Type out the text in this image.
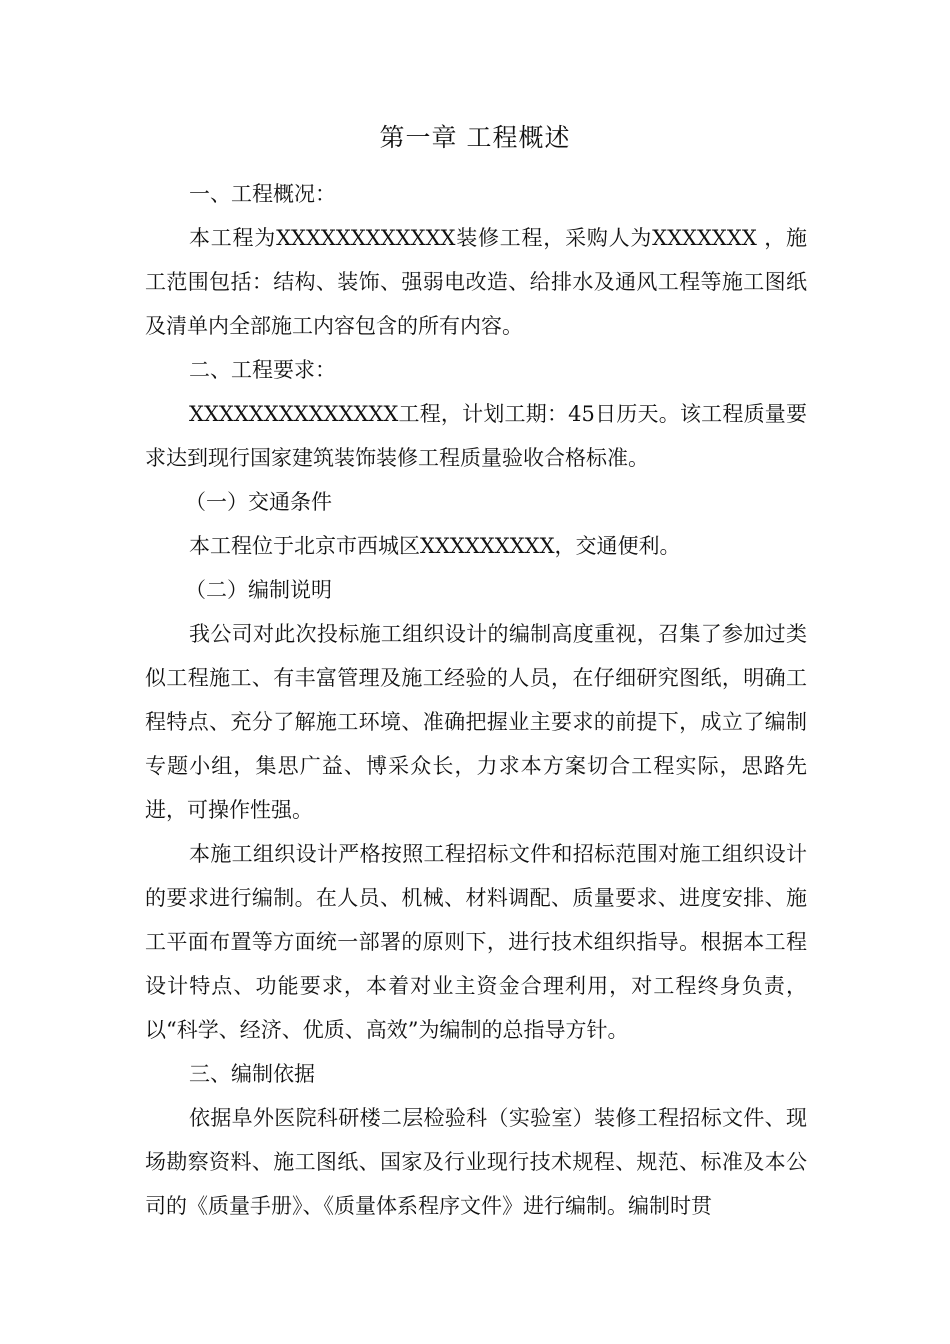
第一章 工程概述

一、工程概况：

本工程为XXXXXXXXXXXX装修工程，采购人为XXXXXXX ，施工范围包括：结构、装饰、强弱电改造、给排水及通风工程等施工图纸及清单内全部施工内容包含的所有内容。

二、工程要求：

XXXXXXXXXXXXXX工程，计划工期：45日历天。该工程质量要求达到现行国家建筑装饰装修工程质量验收合格标准。

（一）交通条件

本工程位于北京市西城区XXXXXXXXX，交通便利。

（二）编制说明

我公司对此次投标施工组织设计的编制高度重视，召集了参加过类似工程施工、有丰富管理及施工经验的人员，在仔细研究图纸，明确工程特点、充分了解施工环境、准确把握业主要求的前提下，成立了编制专题小组，集思广益、博采众长，力求本方案切合工程实际，思路先进，可操作性强。

本施工组织设计严格按照工程招标文件和招标范围对施工组织设计的要求进行编制。在人员、机械、材料调配、质量要求、进度安排、施工平面布置等方面统一部署的原则下，进行技术组织指导。根据本工程设计特点、功能要求，本着对业主资金合理利用，对工程终身负责，以“科学、经济、优质、高效”为编制的总指导方针。

三、编制依据

依据阜外医院科研楼二层检验科（实验室）装修工程招标文件、现场勘察资料、施工图纸、国家及行业现行技术规程、规范、标准及本公司的《质量手册》、《质量体系程序文件》进行编制。编制时贯
